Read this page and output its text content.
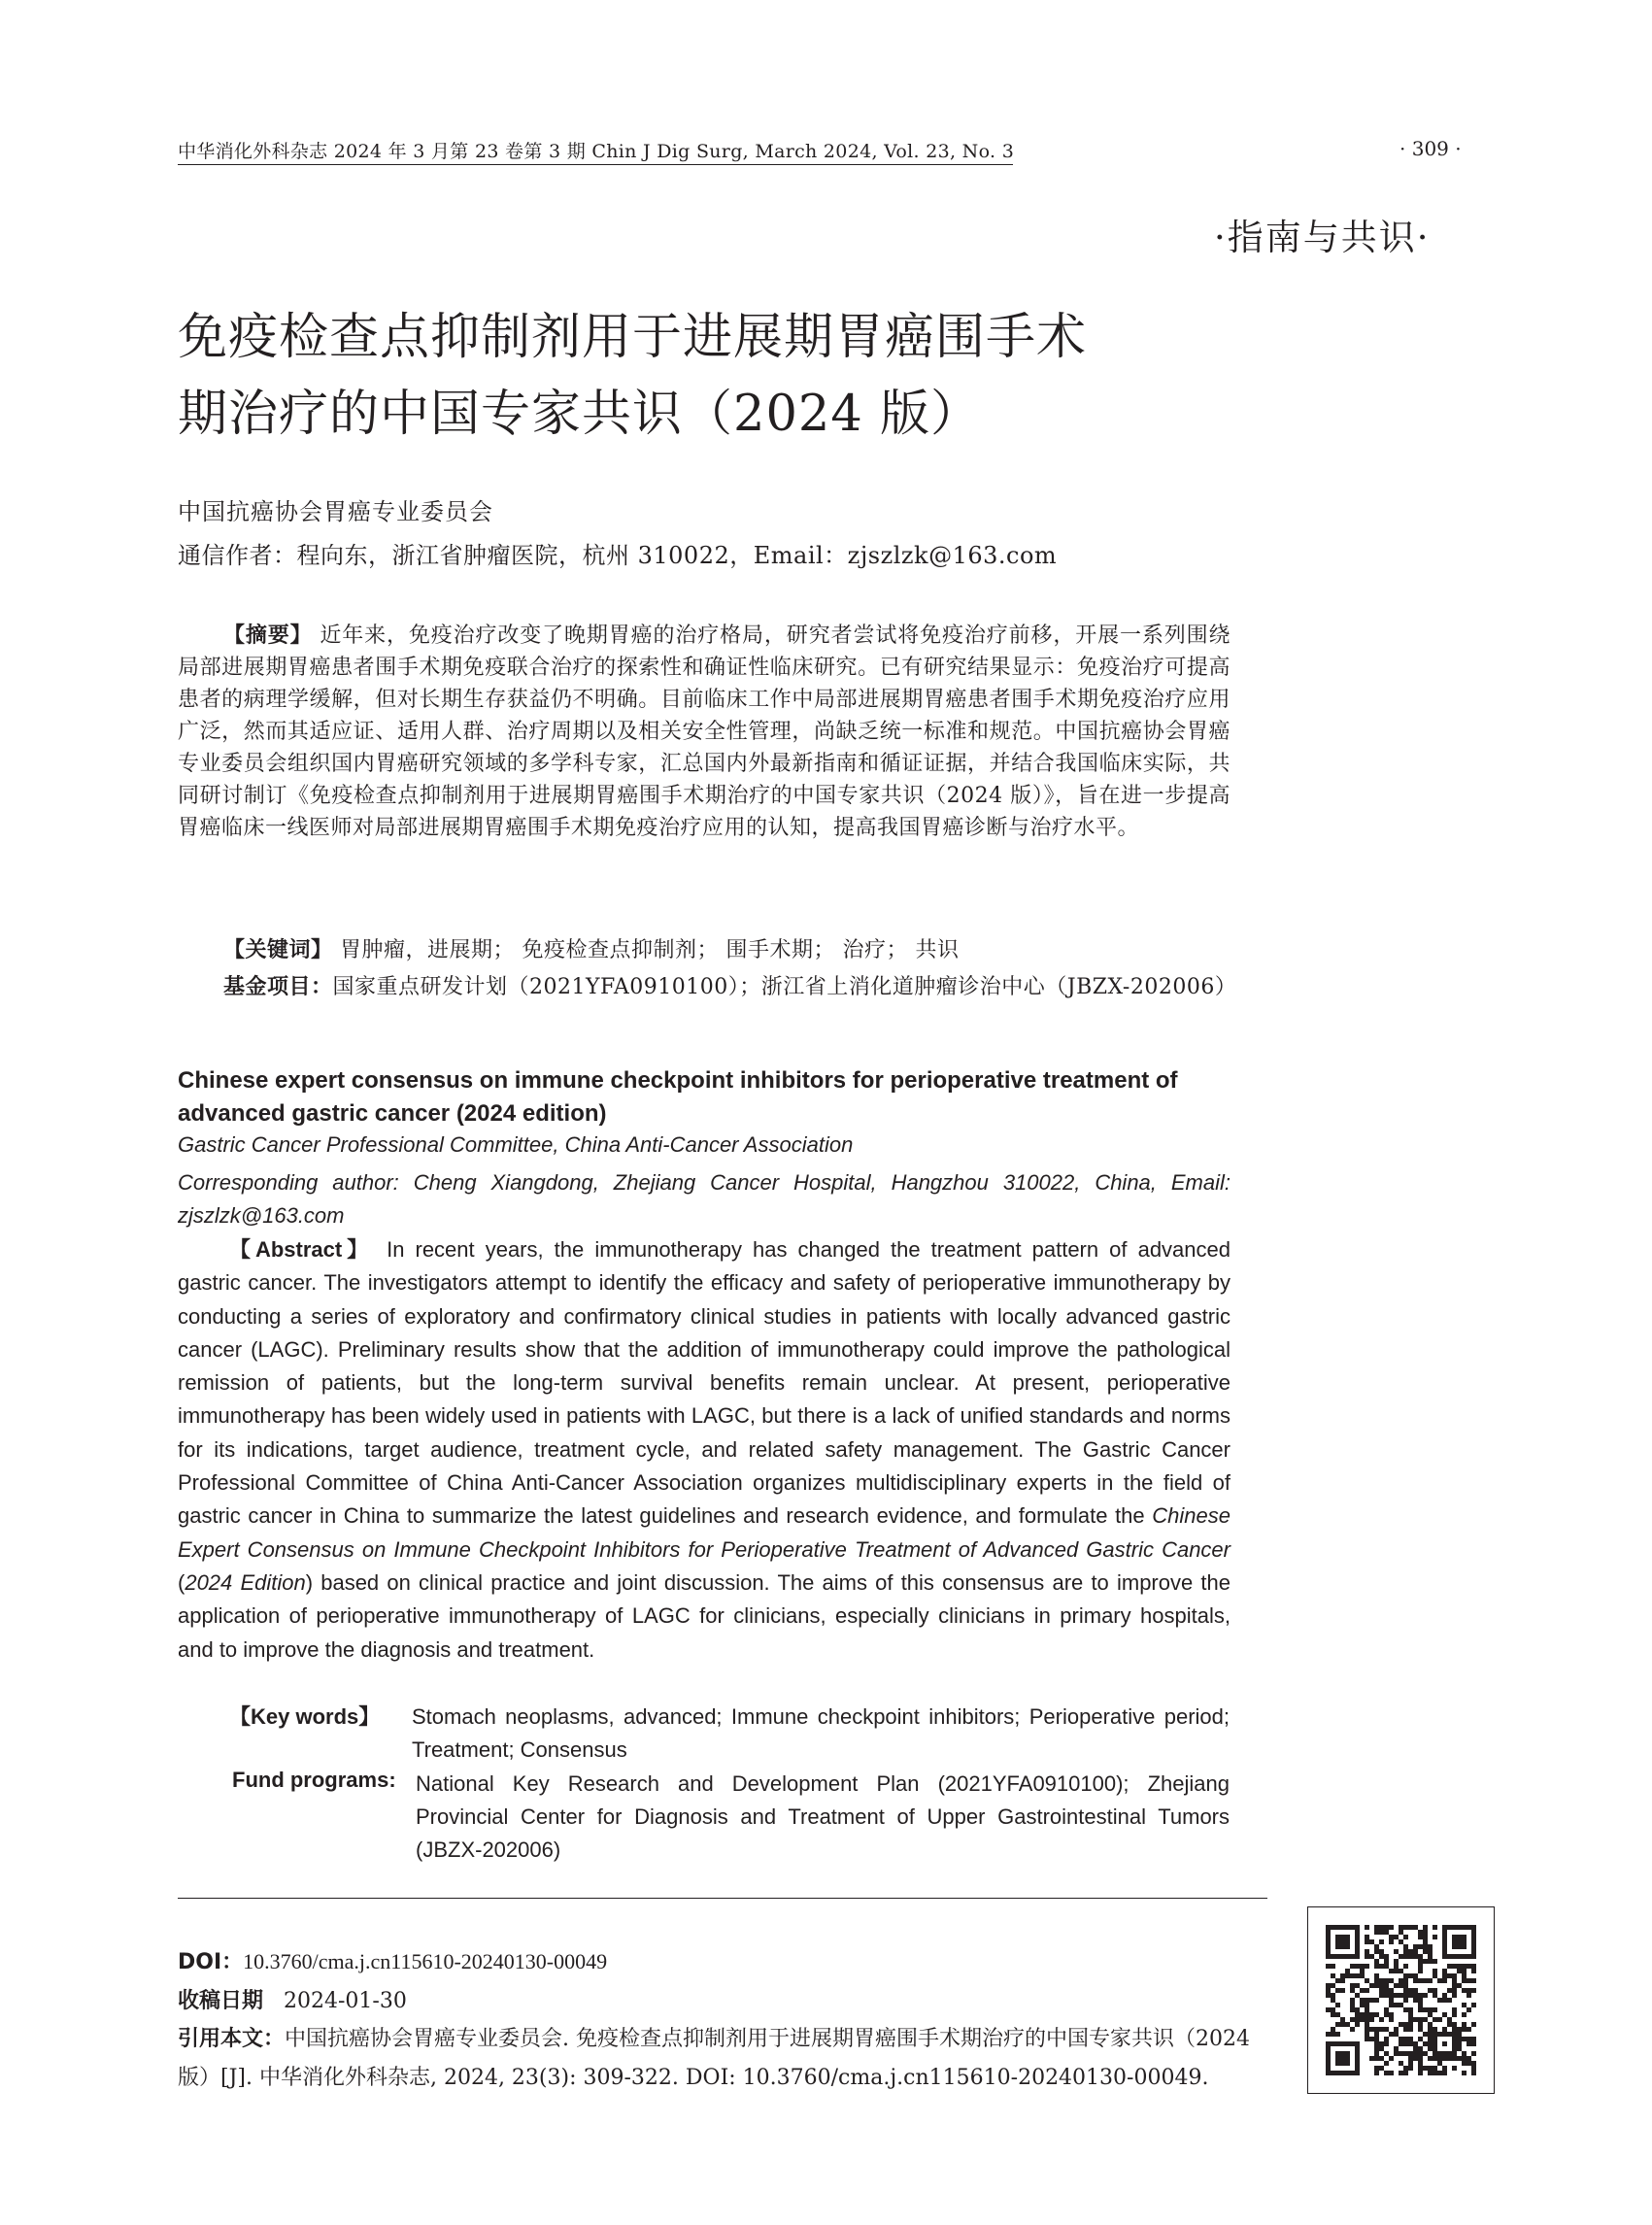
中华消化外科杂志 2024 年 3 月第 23 卷第 3 期 Chin J Dig Surg, March 2024, Vol. 23, No. 3	· 309 ·
·指南与共识·
免疫检查点抑制剂用于进展期胃癌围手术
期治疗的中国专家共识（2024 版）
中国抗癌协会胃癌专业委员会
通信作者：程向东，浙江省肿瘤医院，杭州 310022，Email：zjszlzk@163.com
【摘要】 近年来，免疫治疗改变了晚期胃癌的治疗格局，研究者尝试将免疫治疗前移，开展一系列围绕局部进展期胃癌患者围手术期免疫联合治疗的探索性和确证性临床研究。已有研究结果显示：免疫治疗可提高患者的病理学缓解，但对长期生存获益仍不明确。目前临床工作中局部进展期胃癌患者围手术期免疫治疗应用广泛，然而其适应证、适用人群、治疗周期以及相关安全性管理，尚缺乏统一标准和规范。中国抗癌协会胃癌专业委员会组织国内胃癌研究领域的多学科专家，汇总国内外最新指南和循证证据，并结合我国临床实际，共同研讨制订《免疫检查点抑制剂用于进展期胃癌围手术期治疗的中国专家共识（2024 版）》，旨在进一步提高胃癌临床一线医师对局部进展期胃癌围手术期免疫治疗应用的认知，提高我国胃癌诊断与治疗水平。
【关键词】 胃肿瘤，进展期； 免疫检查点抑制剂； 围手术期； 治疗； 共识
基金项目：国家重点研发计划（2021YFA0910100）；浙江省上消化道肿瘤诊治中心（JBZX-202006）
Chinese expert consensus on immune checkpoint inhibitors for perioperative treatment of advanced gastric cancer (2024 edition)
Gastric Cancer Professional Committee, China Anti-Cancer Association
Corresponding author: Cheng Xiangdong, Zhejiang Cancer Hospital, Hangzhou 310022, China, Email: zjszlzk@163.com
【Abstract】 In recent years, the immunotherapy has changed the treatment pattern of advanced gastric cancer. The investigators attempt to identify the efficacy and safety of perioperative immunotherapy by conducting a series of exploratory and confirmatory clinical studies in patients with locally advanced gastric cancer (LAGC). Preliminary results show that the addition of immunotherapy could improve the pathological remission of patients, but the long-term survival benefits remain unclear. At present, perioperative immunotherapy has been widely used in patients with LAGC, but there is a lack of unified standards and norms for its indications, target audience, treatment cycle, and related safety management. The Gastric Cancer Professional Committee of China Anti-Cancer Association organizes multidisciplinary experts in the field of gastric cancer in China to summarize the latest guidelines and research evidence, and formulate the Chinese Expert Consensus on Immune Checkpoint Inhibitors for Perioperative Treatment of Advanced Gastric Cancer (2024 Edition) based on clinical practice and joint discussion. The aims of this consensus are to improve the application of perioperative immunotherapy of LAGC for clinicians, especially clinicians in primary hospitals, and to improve the diagnosis and treatment.
【Key words】 Stomach neoplasms, advanced; Immune checkpoint inhibitors; Perioperative period; Treatment; Consensus
Fund programs: National Key Research and Development Plan (2021YFA0910100); Zhejiang Provincial Center for Diagnosis and Treatment of Upper Gastrointestinal Tumors (JBZX-202006)
DOI：10.3760/cma.j.cn115610-20240130-00049
收稿日期 2024-01-30
引用本文：中国抗癌协会胃癌专业委员会. 免疫检查点抑制剂用于进展期胃癌围手术期治疗的中国专家共识（2024 版）[J]. 中华消化外科杂志, 2024, 23(3): 309-322. DOI: 10.3760/cma.j.cn115610-20240130-00049.
